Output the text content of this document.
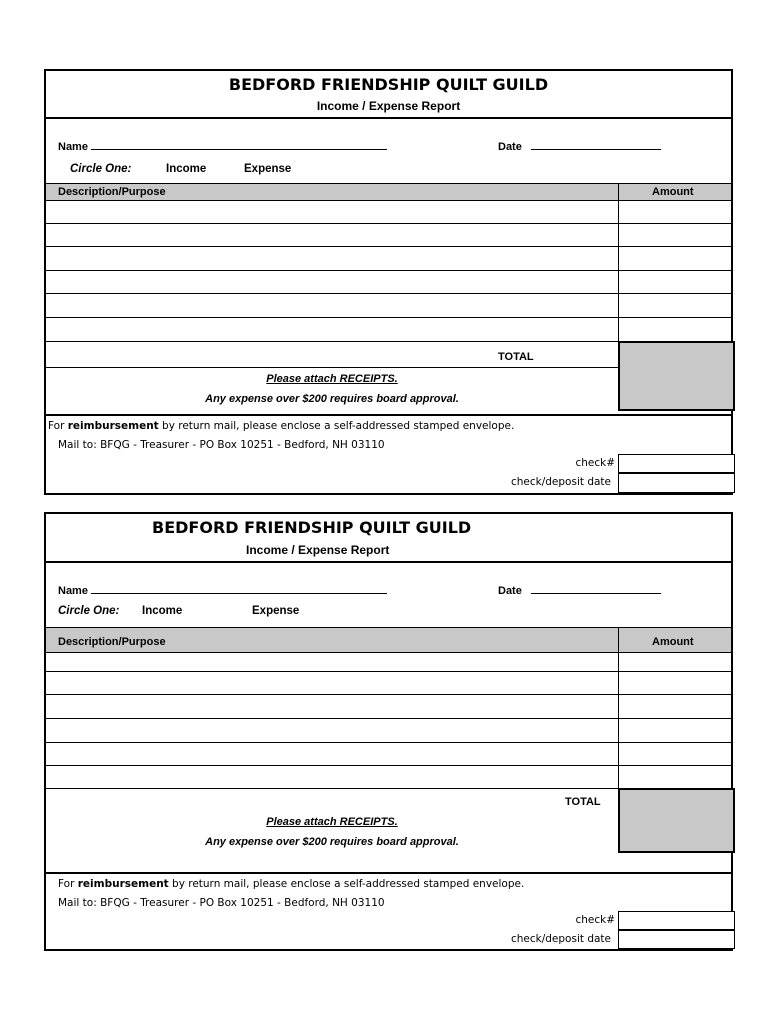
BEDFORD FRIENDSHIP QUILT GUILD
Income / Expense Report
Name	Date
Circle One:	Income	Expense
Description/Purpose	Amount
TOTAL
Please attach RECEIPTS.
Any expense over $200 requires board approval.
For reimbursement by return mail, please enclose a self-addressed stamped envelope.
Mail to: BFQG - Treasurer - PO Box 10251 - Bedford, NH 03110
check#
check/deposit date
BEDFORD FRIENDSHIP QUILT GUILD
Income / Expense Report
Name	Date
Circle One: Income	Expense
Description/Purpose	Amount
TOTAL
Please attach RECEIPTS.
Any expense over $200 requires board approval.
For reimbursement by return mail, please enclose a self-addressed stamped envelope.
Mail to: BFQG - Treasurer - PO Box 10251 - Bedford, NH 03110
check#
check/deposit date
